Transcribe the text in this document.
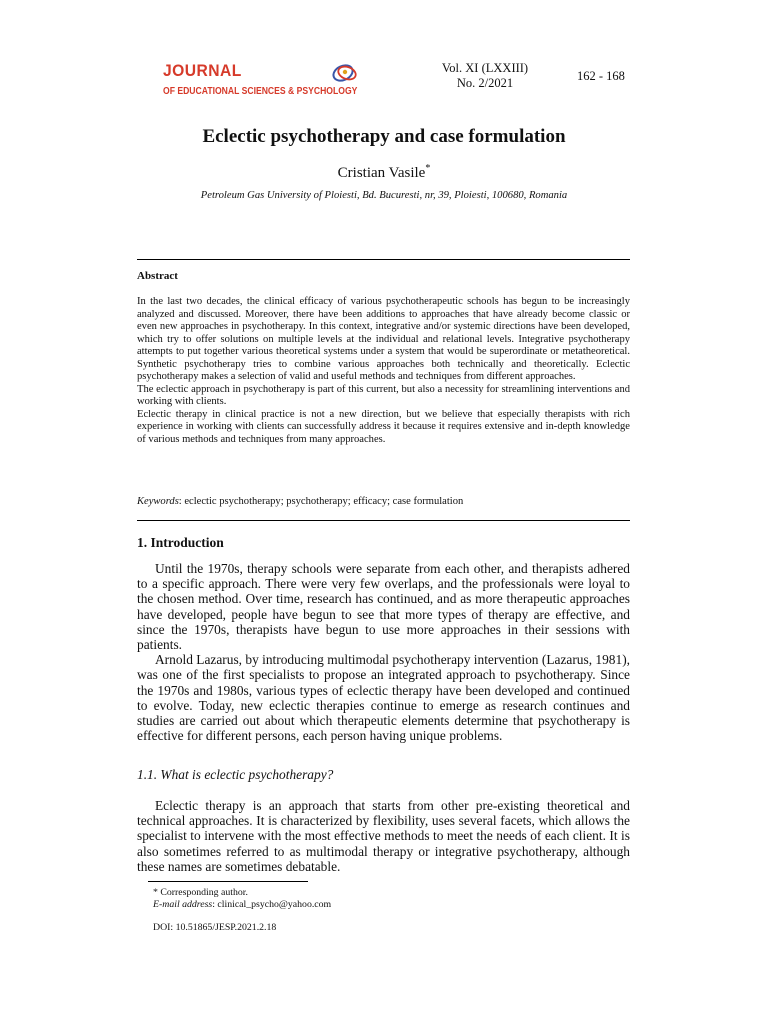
JOURNAL
OF EDUCATIONAL SCIENCES & PSYCHOLOGY
Vol. XI (LXXIII)
No. 2/2021	162 - 168
Eclectic psychotherapy and case formulation
Cristian Vasile*
Petroleum Gas University of Ploiesti, Bd. Bucuresti, nr, 39, Ploiesti, 100680, Romania
Abstract

In the last two decades, the clinical efficacy of various psychotherapeutic schools has begun to be increasingly analyzed and discussed. Moreover, there have been additions to approaches that have already become classic or even new approaches in psychotherapy. In this context, integrative and/or systemic directions have been developed, which try to offer solutions on multiple levels at the individual and relational levels. Integrative psychotherapy attempts to put together various theoretical systems under a system that would be superordinate or metatheoretical. Synthetic psychotherapy tries to combine various approaches both technically and theoretically. Eclectic psychotherapy makes a selection of valid and useful methods and techniques from different approaches.

The eclectic approach in psychotherapy is part of this current, but also a necessity for streamlining interventions and working with clients.

Eclectic therapy in clinical practice is not a new direction, but we believe that especially therapists with rich experience in working with clients can successfully address it because it requires extensive and in-depth knowledge of various methods and techniques from many approaches.

Keywords: eclectic psychotherapy; psychotherapy; efficacy; case formulation
1. Introduction

Until the 1970s, therapy schools were separate from each other, and therapists adhered to a specific approach. There were very few overlaps, and the professionals were loyal to the chosen method. Over time, research has continued, and as more therapeutic approaches have developed, people have begun to see that more types of therapy are effective, and since the 1970s, therapists have begun to use more approaches in their sessions with patients.

Arnold Lazarus, by introducing multimodal psychotherapy intervention (Lazarus, 1981), was one of the first specialists to propose an integrated approach to psychotherapy. Since the 1970s and 1980s, various types of eclectic therapy have been developed and continued to evolve. Today, new eclectic therapies continue to emerge as research continues and studies are carried out about which therapeutic elements determine that psychotherapy is effective for different persons, each person having unique problems.

1.1. What is eclectic psychotherapy?

Eclectic therapy is an approach that starts from other pre-existing theoretical and technical approaches. It is characterized by flexibility, uses several facets, which allows the specialist to intervene with the most effective methods to meet the needs of each client. It is also sometimes referred to as multimodal therapy or integrative psychotherapy, although these names are sometimes debatable.

* Corresponding author.
E-mail address: clinical_psycho@yahoo.com
DOI: 10.51865/JESP.2021.2.18
